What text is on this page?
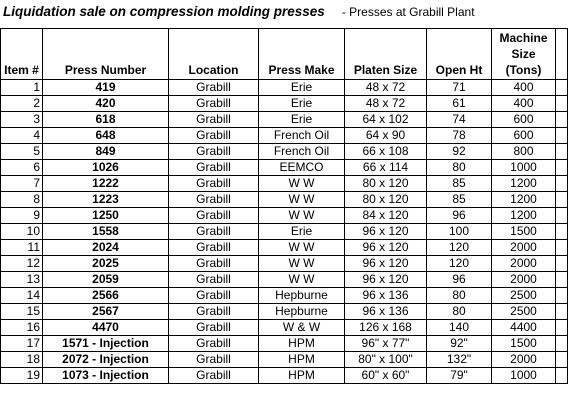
Liquidation sale on compression molding presses - Presses at Grabill Plant
Item #	Press Number	Location	Press Make	Platen Size	Open Ht	Machine
Size
(Tons)	

1	419	Grabill	Erie	48 x 72	71	400	
2	420	Grabill	Erie	48 x 72	61	400	
3	618	Grabill	Erie	64 x 102	74	600	
4	648	Grabill	French Oil	64 x 90	78	600	
5	849	Grabill	French Oil	66 x 108	92	800	
6	1026	Grabill	EEMCO	66 x 114	80	1000	
7	1222	Grabill	W W	80 x 120	85	1200	
8	1223	Grabill	W W	80 x 120	85	1200	
9	1250	Grabill	W W	84 x 120	96	1200	
10	1558	Grabill	Erie	96 x 120	100	1500	
11	2024	Grabill	W W	96 x 120	120	2000	
12	2025	Grabill	W W	96 x 120	120	2000	
13	2059	Grabill	W W	96 x 120	96	2000	
14	2566	Grabill	Hepburne	96 x 136	80	2500	
15	2567	Grabill	Hepburne	96 x 136	80	2500	
16	4470	Grabill	W & W	126 x 168	140	4400	
17	1571 - Injection	Grabill	HPM	96" x 77"	92"	1500	
18	2072 - Injection	Grabill	HPM	80" x 100"	132"	2000	
19	1073 - Injection	Grabill	HPM	60" x 60"	79"	1000	
